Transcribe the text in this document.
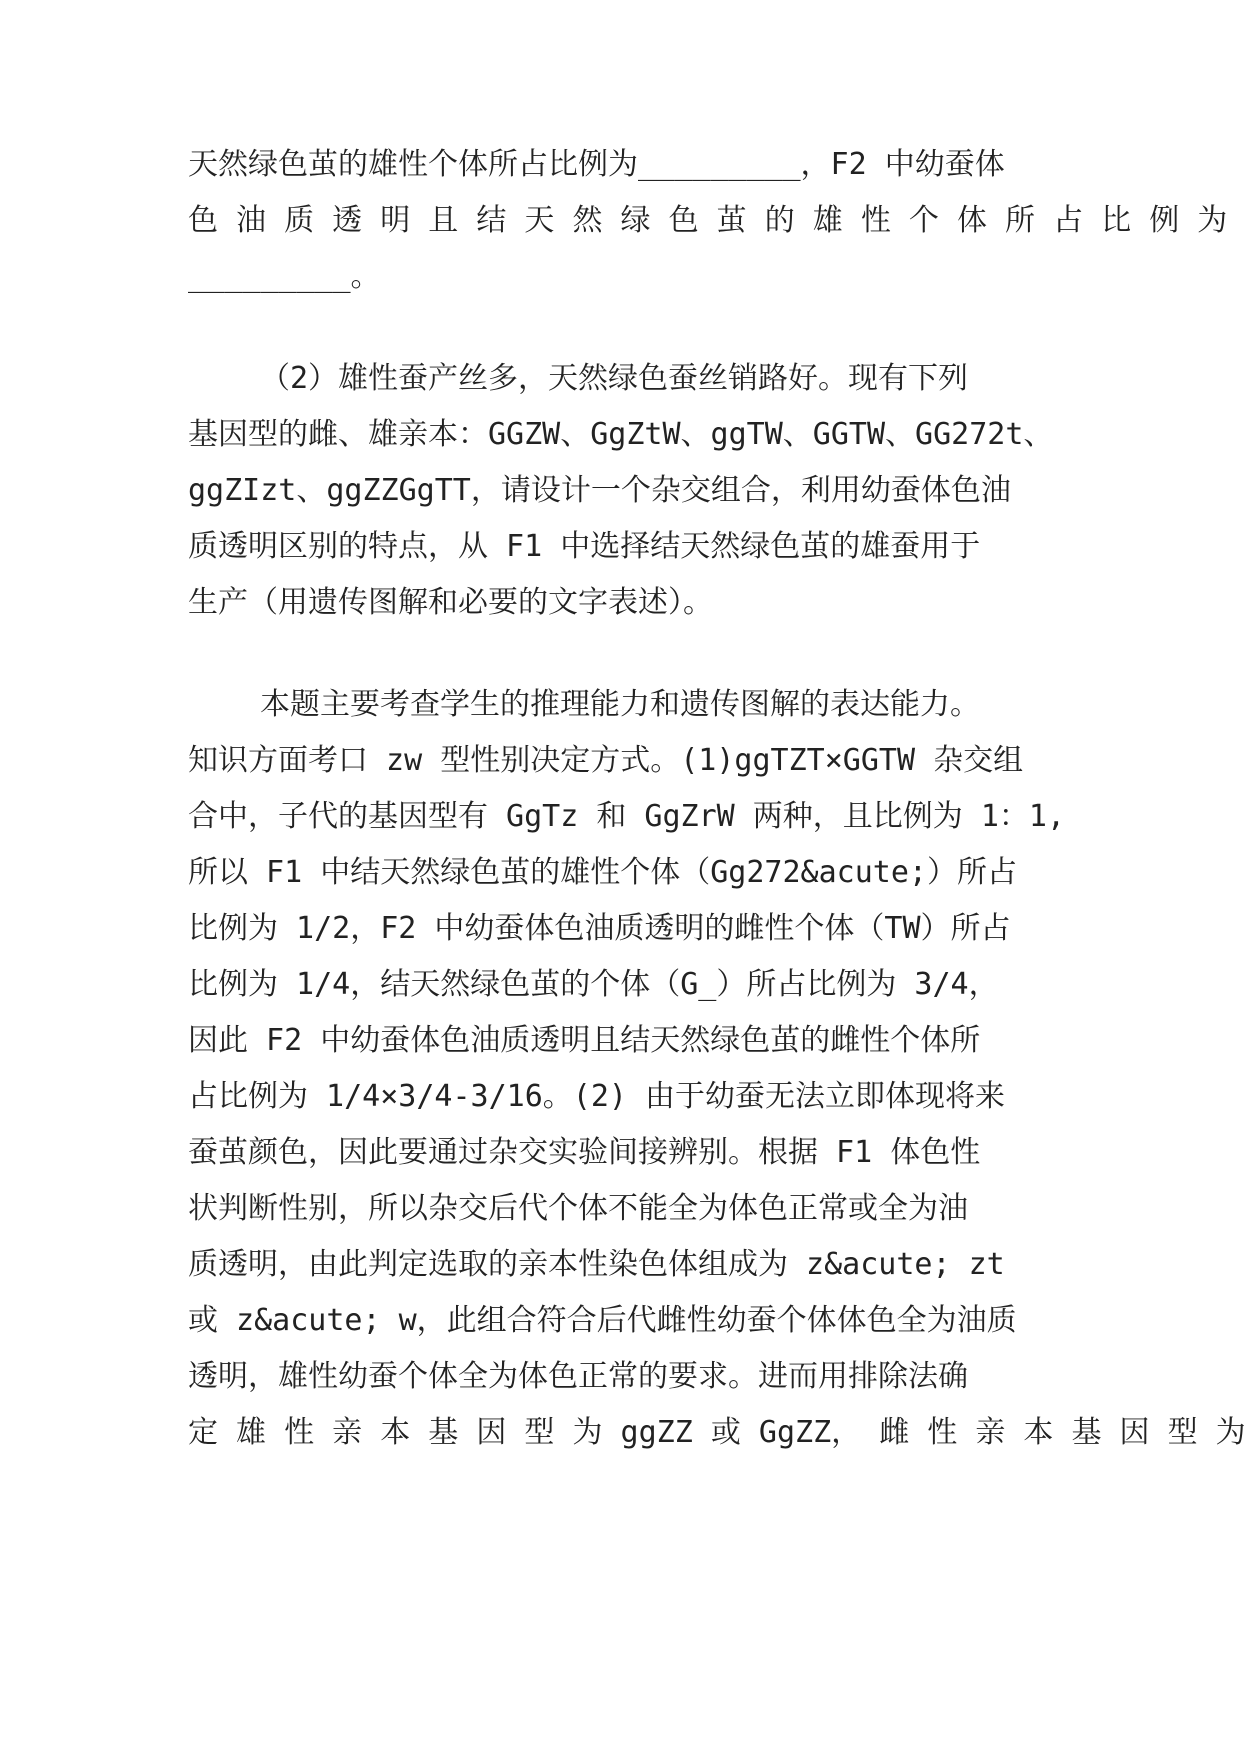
天然绿色茧的雄性个体所占比例为_________，F2 中幼蚕体
色 油 质 透 明 且 结 天 然 绿 色 茧 的 雄 性 个 体 所 占 比 例 为
_________。
（2）雄性蚕产丝多，天然绿色蚕丝销路好。现有下列
基因型的雌、雄亲本：GGZW、GgZtW、ggTW、GGTW、GG272t、
ggZIzt、ggZZGgTT，请设计一个杂交组合，利用幼蚕体色油
质透明区别的特点，从 F1 中选择结天然绿色茧的雄蚕用于
生产（用遗传图解和必要的文字表述）。
本题主要考查学生的推理能力和遗传图解的表达能力。
知识方面考口 zw 型性别决定方式。(1)ggTZT×GGTW 杂交组
合中，子代的基因型有 GgTz 和 GgZrW 两种，且比例为 1：1,
所以 F1 中结天然绿色茧的雄性个体（Gg272&acute;）所占
比例为 1/2，F2 中幼蚕体色油质透明的雌性个体（TW）所占
比例为 1/4，结天然绿色茧的个体（G_）所占比例为 3/4，
因此 F2 中幼蚕体色油质透明且结天然绿色茧的雌性个体所
占比例为 1/4×3/4-3/16。(2) 由于幼蚕无法立即体现将来
蚕茧颜色，因此要通过杂交实验间接辨别。根据 F1 体色性
状判断性别，所以杂交后代个体不能全为体色正常或全为油
质透明，由此判定选取的亲本性染色体组成为 z&acute; zt
或 z&acute; w，此组合符合后代雌性幼蚕个体体色全为油质
透明，雄性幼蚕个体全为体色正常的要求。进而用排除法确
定 雄 性 亲 本 基 因 型 为 ggZZ 或 GgZZ， 雌 性 亲 本 基 因 型 为
